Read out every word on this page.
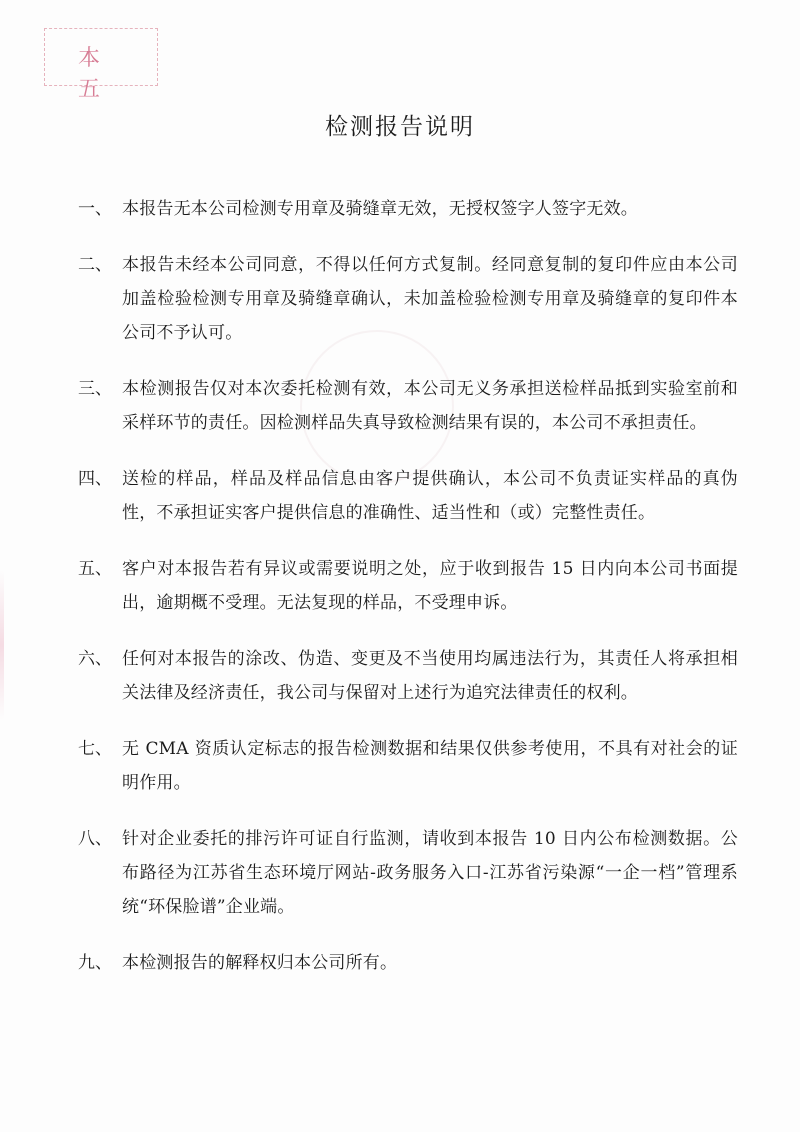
本 五
检测报告说明
一、 本报告无本公司检测专用章及骑缝章无效，无授权签字人签字无效。
二、 本报告未经本公司同意，不得以任何方式复制。经同意复制的复印件应由本公司加盖检验检测专用章及骑缝章确认，未加盖检验检测专用章及骑缝章的复印件本公司不予认可。
三、 本检测报告仅对本次委托检测有效，本公司无义务承担送检样品抵到实验室前和采样环节的责任。因检测样品失真导致检测结果有误的，本公司不承担责任。
四、 送检的样品，样品及样品信息由客户提供确认，本公司不负责证实样品的真伪性，不承担证实客户提供信息的准确性、适当性和（或）完整性责任。
五、 客户对本报告若有异议或需要说明之处，应于收到报告 15 日内向本公司书面提出，逾期概不受理。无法复现的样品，不受理申诉。
六、 任何对本报告的涂改、伪造、变更及不当使用均属违法行为，其责任人将承担相关法律及经济责任，我公司与保留对上述行为追究法律责任的权利。
七、 无 CMA 资质认定标志的报告检测数据和结果仅供参考使用，不具有对社会的证明作用。
八、 针对企业委托的排污许可证自行监测，请收到本报告 10 日内公布检测数据。公布路径为江苏省生态环境厅网站-政务服务入口-江苏省污染源“一企一档”管理系统“环保脸谱”企业端。
九、 本检测报告的解释权归本公司所有。
